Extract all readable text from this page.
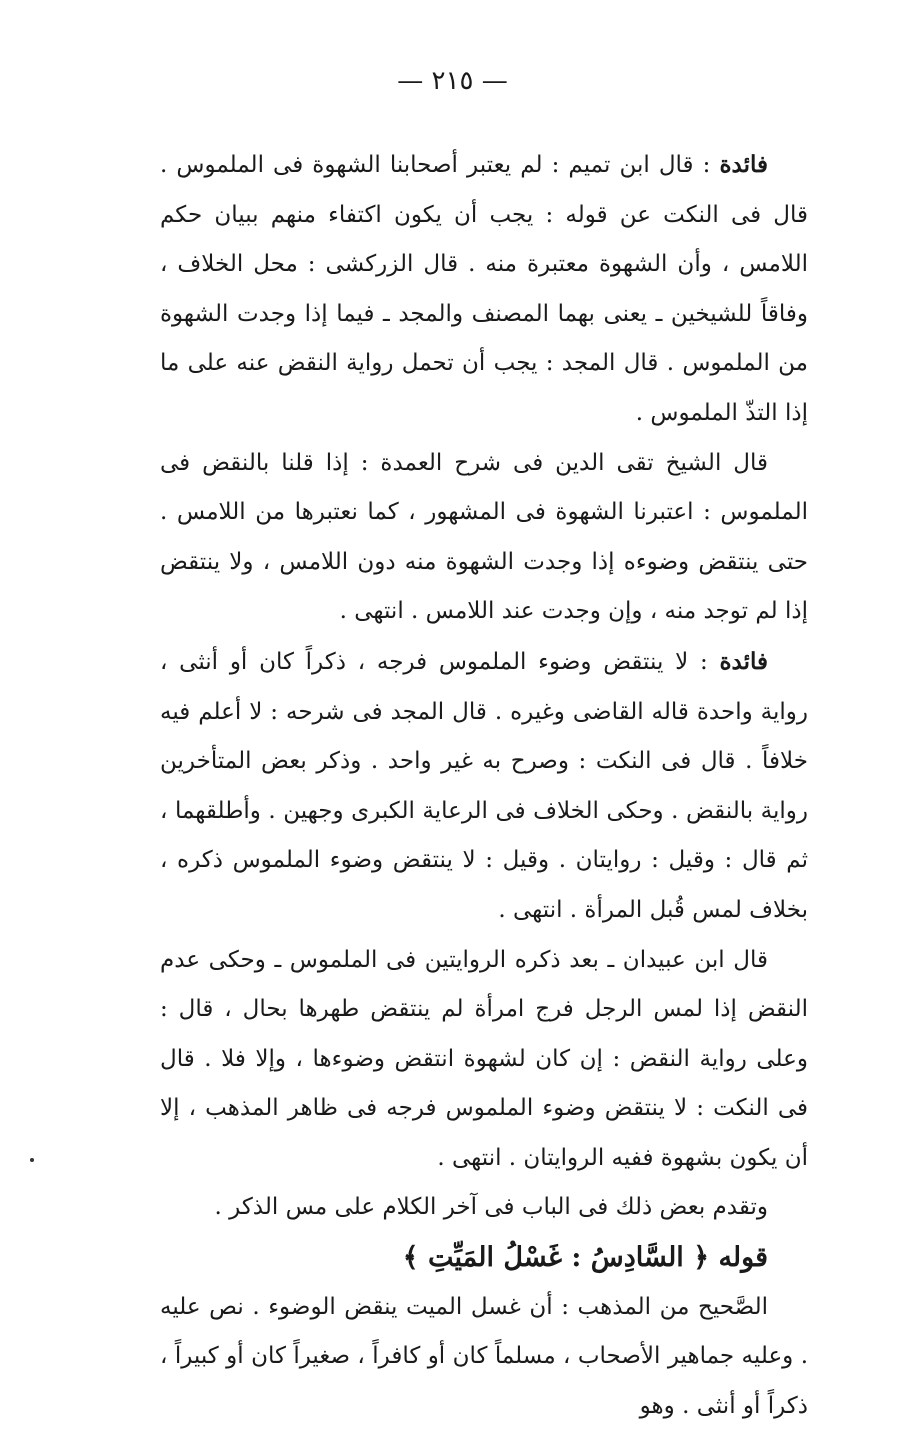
— ٢١٥ —

فائدة : قال ابن تميم : لم يعتبر أصحابنا الشهوة فى الملموس . قال فى النكت عن قوله : يجب أن يكون اكتفاء منهم ببيان حكم اللامس ، وأن الشهوة معتبرة منه . قال الزركشى : محل الخلاف ، وفاقاً للشيخين ـ يعنى بهما المصنف والمجد ـ فيما إذا وجدت الشهوة من الملموس . قال المجد : يجب أن تحمل رواية النقض عنه على ما إذا التذّ الملموس .

قال الشيخ تقى الدين فى شرح العمدة : إذا قلنا بالنقض فى الملموس : اعتبرنا الشهوة فى المشهور ، كما نعتبرها من اللامس . حتى ينتقض وضوءه إذا وجدت الشهوة منه دون اللامس ، ولا ينتقض إذا لم توجد منه ، وإن وجدت عند اللامس . انتهى .

فائدة : لا ينتقض وضوء الملموس فرجه ، ذكراً كان أو أنثى ، رواية واحدة قاله القاضى وغيره . قال المجد فى شرحه : لا أعلم فيه خلافاً . قال فى النكت : وصرح به غير واحد . وذكر بعض المتأخرين رواية بالنقض . وحكى الخلاف فى الرعاية الكبرى وجهين . وأطلقهما ، ثم قال : وقيل : روايتان . وقيل : لا ينتقض وضوء الملموس ذكره ، بخلاف لمس قُبل المرأة . انتهى .

قال ابن عبيدان ـ بعد ذكره الروايتين فى الملموس ـ وحكى عدم النقض إذا لمس الرجل فرج امرأة لم ينتقض طهرها بحال ، قال : وعلى رواية النقض : إن كان لشهوة انتقض وضوءها ، وإلا فلا . قال فى النكت : لا ينتقض وضوء الملموس فرجه فى ظاهر المذهب ، إلا أن يكون بشهوة ففيه الروايتان . انتهى .

وتقدم بعض ذلك فى الباب فى آخر الكلام على مس الذكر .

قوله ﴿ السَّادِسُ : غَسْلُ المَيِّتِ ﴾

الصَّحيح من المذهب : أن غسل الميت ينقض الوضوء . نص عليه . وعليه جماهير الأصحاب ، مسلماً كان أو كافراً ، صغيراً كان أو كبيراً ، ذكراً أو أنثى . وهو
